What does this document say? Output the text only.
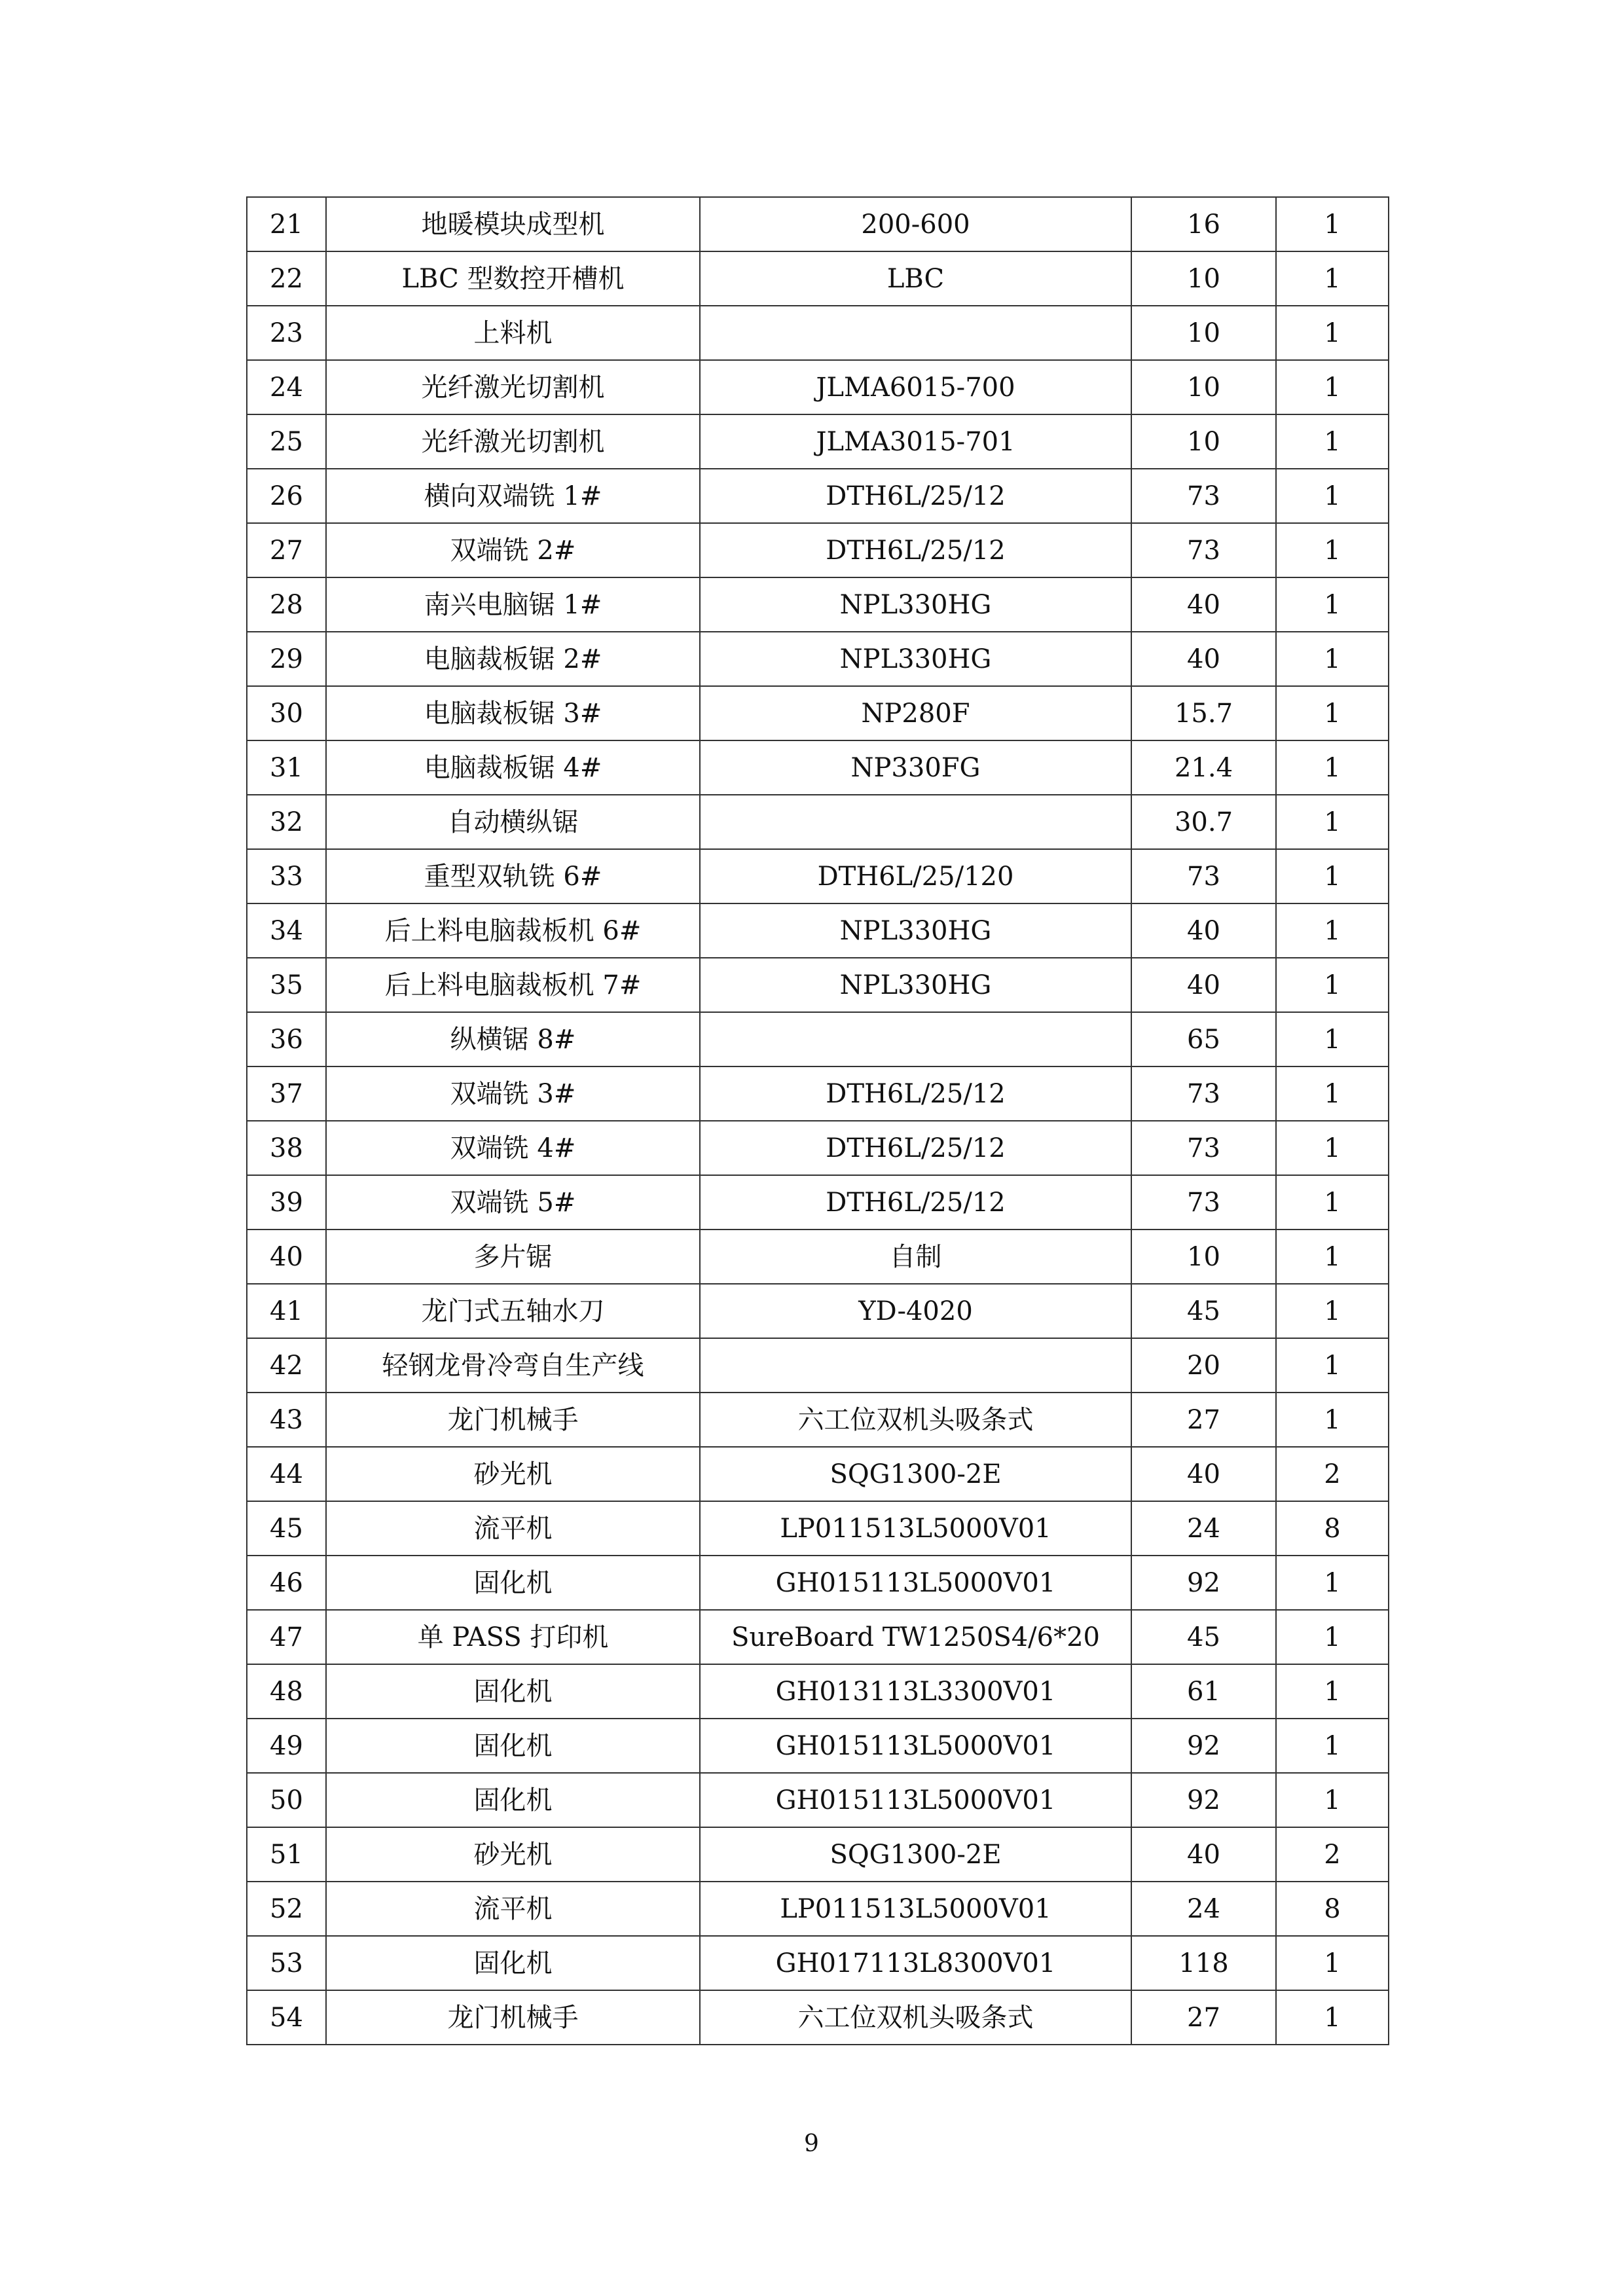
21	地暖模块成型机	200-600	16	1
22	LBC 型数控开槽机	LBC	10	1
23	上料机		10	1
24	光纤激光切割机	JLMA6015-700	10	1
25	光纤激光切割机	JLMA3015-701	10	1
26	横向双端铣 1#	DTH6L/25/12	73	1
27	双端铣 2#	DTH6L/25/12	73	1
28	南兴电脑锯 1#	NPL330HG	40	1
29	电脑裁板锯 2#	NPL330HG	40	1
30	电脑裁板锯 3#	NP280F	15.7	1
31	电脑裁板锯 4#	NP330FG	21.4	1
32	自动横纵锯		30.7	1
33	重型双轨铣 6#	DTH6L/25/120	73	1
34	后上料电脑裁板机 6#	NPL330HG	40	1
35	后上料电脑裁板机 7#	NPL330HG	40	1
36	纵横锯 8#		65	1
37	双端铣 3#	DTH6L/25/12	73	1
38	双端铣 4#	DTH6L/25/12	73	1
39	双端铣 5#	DTH6L/25/12	73	1
40	多片锯	自制	10	1
41	龙门式五轴水刀	YD-4020	45	1
42	轻钢龙骨冷弯自生产线		20	1
43	龙门机械手	六工位双机头吸条式	27	1
44	砂光机	SQG1300-2E	40	2
45	流平机	LP011513L5000V01	24	8
46	固化机	GH015113L5000V01	92	1
47	单 PASS 打印机	SureBoard TW1250S4/6*20	45	1
48	固化机	GH013113L3300V01	61	1
49	固化机	GH015113L5000V01	92	1
50	固化机	GH015113L5000V01	92	1
51	砂光机	SQG1300-2E	40	2
52	流平机	LP011513L5000V01	24	8
53	固化机	GH017113L8300V01	118	1
54	龙门机械手	六工位双机头吸条式	27	1
9
